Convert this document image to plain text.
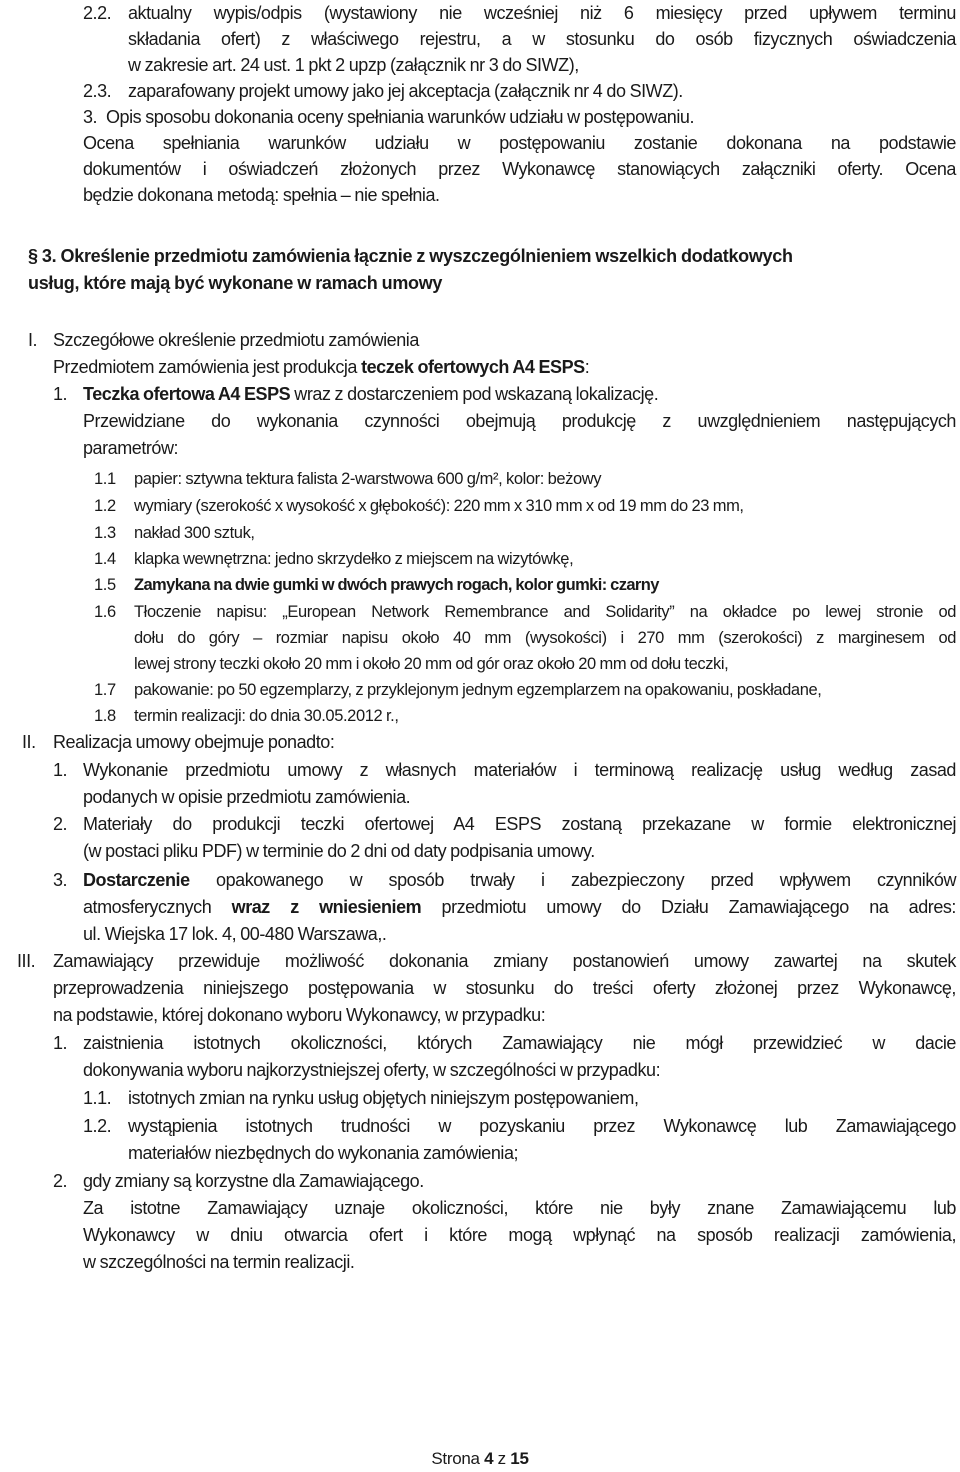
2.2. aktualny wypis/odpis (wystawiony nie wcześniej niż 6 miesięcy przed upływem terminu
składania ofert) z właściwego rejestru, a w stosunku do osób fizycznych oświadczenia
w zakresie art. 24 ust. 1 pkt 2 upzp (załącznik nr 3 do SIWZ),
2.3. zaparafowany projekt umowy jako jej akceptacja (załącznik nr 4 do SIWZ).
3. Opis sposobu dokonania oceny spełniania warunków udziału w postępowaniu.
Ocena spełniania warunków udziału w postępowaniu zostanie dokonana na podstawie
dokumentów i oświadczeń złożonych przez Wykonawcę stanowiących załączniki oferty. Ocena
będzie dokonana metodą: spełnia – nie spełnia.
§ 3. Określenie przedmiotu zamówienia łącznie z wyszczególnieniem wszelkich dodatkowych
usług, które mają być wykonane w ramach umowy
I. Szczegółowe określenie przedmiotu zamówienia
Przedmiotem zamówienia jest produkcja teczek ofertowych A4 ESPS:
1. Teczka ofertowa A4 ESPS wraz z dostarczeniem pod wskazaną lokalizację.
Przewidziane do wykonania czynności obejmują produkcję z uwzględnieniem następujących
parametrów:
1.1 papier: sztywna tektura falista 2-warstwowa 600 g/m², kolor: beżowy
1.2 wymiary (szerokość x wysokość x głębokość): 220 mm x 310 mm x od 19 mm do 23 mm,
1.3 nakład 300 sztuk,
1.4 klapka wewnętrzna: jedno skrzydełko z miejscem na wizytówkę,
1.5 Zamykana na dwie gumki w dwóch prawych rogach, kolor gumki: czarny
1.6 Tłoczenie napisu: „European Network Remembrance and Solidarity” na okładce po lewej stronie od
dołu do góry – rozmiar napisu około 40 mm (wysokości) i 270 mm (szerokości) z marginesem od
lewej strony teczki około 20 mm i około 20 mm od gór oraz około 20 mm od dołu teczki,
1.7 pakowanie: po 50 egzemplarzy, z przyklejonym jednym egzemplarzem na opakowaniu, poskładane,
1.8 termin realizacji: do dnia 30.05.2012 r.,
II. Realizacja umowy obejmuje ponadto:
1. Wykonanie przedmiotu umowy z własnych materiałów i terminową realizację usług według zasad
podanych w opisie przedmiotu zamówienia.
2. Materiały do produkcji teczki ofertowej A4 ESPS zostaną przekazane w formie elektronicznej
(w postaci pliku PDF) w terminie do 2 dni od daty podpisania umowy.
3. Dostarczenie opakowanego w sposób trwały i zabezpieczony przed wpływem czynników
atmosferycznych wraz z wniesieniem przedmiotu umowy do Działu Zamawiającego na adres:
ul. Wiejska 17 lok. 4, 00-480 Warszawa,.
III. Zamawiający przewiduje możliwość dokonania zmiany postanowień umowy zawartej na skutek
przeprowadzenia niniejszego postępowania w stosunku do treści oferty złożonej przez Wykonawcę,
na podstawie, której dokonano wyboru Wykonawcy, w przypadku:
1. zaistnienia istotnych okoliczności, których Zamawiający nie mógł przewidzieć w dacie
dokonywania wyboru najkorzystniejszej oferty, w szczególności w przypadku:
1.1. istotnych zmian na rynku usług objętych niniejszym postępowaniem,
1.2. wystąpienia istotnych trudności w pozyskaniu przez Wykonawcę lub Zamawiającego
materiałów niezbędnych do wykonania zamówienia;
2. gdy zmiany są korzystne dla Zamawiającego.
Za istotne Zamawiający uznaje okoliczności, które nie były znane Zamawiającemu lub
Wykonawcy w dniu otwarcia ofert i które mogą wpłynąć na sposób realizacji zamówienia,
w szczególności na termin realizacji.
Strona 4 z 15
